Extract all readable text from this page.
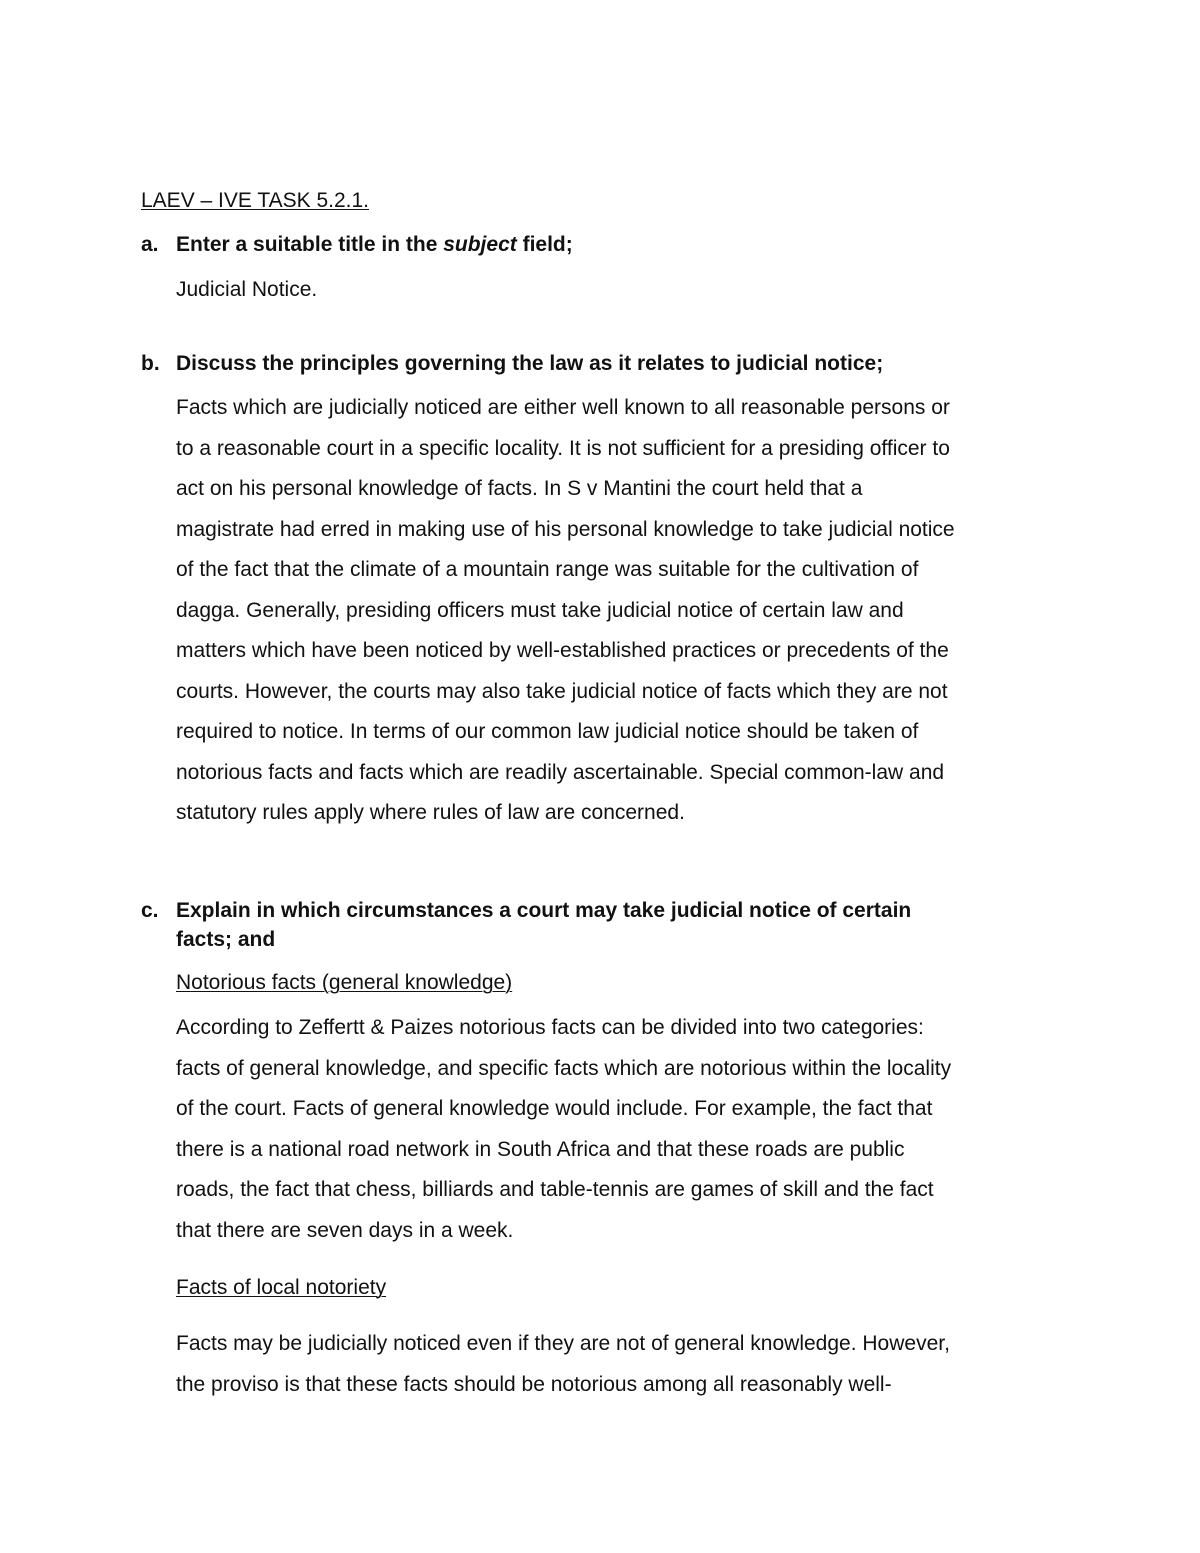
LAEV – IVE TASK 5.2.1.
a. Enter a suitable title in the subject field;
Judicial Notice.
b. Discuss the principles governing the law as it relates to judicial notice;
Facts which are judicially noticed are either well known to all reasonable persons or
to a reasonable court in a specific locality. It is not sufficient for a presiding officer to
act on his personal knowledge of facts. In S v Mantini the court held that a
magistrate had erred in making use of his personal knowledge to take judicial notice
of the fact that the climate of a mountain range was suitable for the cultivation of
dagga. Generally, presiding officers must take judicial notice of certain law and
matters which have been noticed by well-established practices or precedents of the
courts. However, the courts may also take judicial notice of facts which they are not
required to notice. In terms of our common law judicial notice should be taken of
notorious facts and facts which are readily ascertainable. Special common-law and
statutory rules apply where rules of law are concerned.
c. Explain in which circumstances a court may take judicial notice of certain
facts; and
Notorious facts (general knowledge)
According to Zeffertt & Paizes notorious facts can be divided into two categories:
facts of general knowledge, and specific facts which are notorious within the locality
of the court. Facts of general knowledge would include. For example, the fact that
there is a national road network in South Africa and that these roads are public
roads, the fact that chess, billiards and table-tennis are games of skill and the fact
that there are seven days in a week.
Facts of local notoriety
Facts may be judicially noticed even if they are not of general knowledge. However,
the proviso is that these facts should be notorious among all reasonably well-
